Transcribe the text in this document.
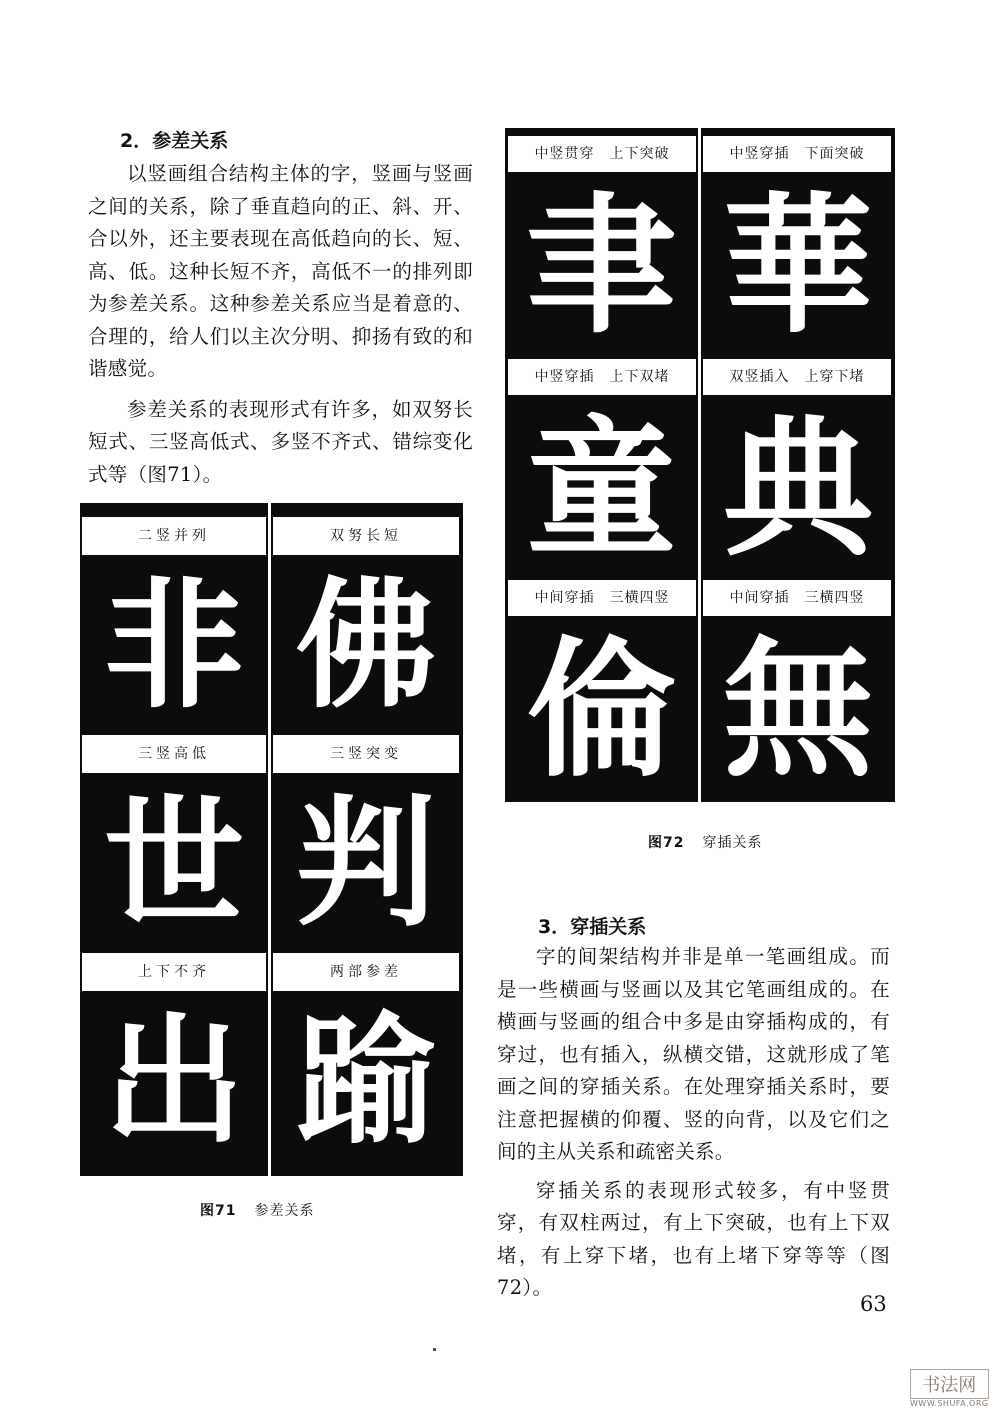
2．参差关系

以竖画组合结构主体的字，竖画与竖画之间的关系，除了垂直趋向的正、斜、开、合以外，还主要表现在高低趋向的长、短、高、低。这种长短不齐，高低不一的排列即为参差关系。这种参差关系应当是着意的、合理的，给人们以主次分明、抑扬有致的和谐感觉。

参差关系的表现形式有许多，如双努长短式、三竖高低式、多竖不齐式、错综变化式等（图71）。

二竖并列	双努长短
非 佛
三竖高低	三竖突变
世 判
上下不齐	两部参差
出 踰
图71 参差关系
中竖贯穿　上下突破	中竖穿插　下面突破
聿 華
中竖穿插　上下双堵	双竖插入　上穿下堵
童 典
中间穿插　三横四竖	中间穿插　三横四竖
倫 無
图72 穿插关系
3．穿插关系

字的间架结构并非是单一笔画组成。而是一些横画与竖画以及其它笔画组成的。在横画与竖画的组合中多是由穿插构成的，有穿过，也有插入，纵横交错，这就形成了笔画之间的穿插关系。在处理穿插关系时，要注意把握横的仰覆、竖的向背，以及它们之间的主从关系和疏密关系。

穿插关系的表现形式较多，有中竖贯穿，有双柱两过，有上下突破，也有上下双堵，有上穿下堵，也有上堵下穿等等（图72）。

63
书法网
WWW.SHUFA.ORG
